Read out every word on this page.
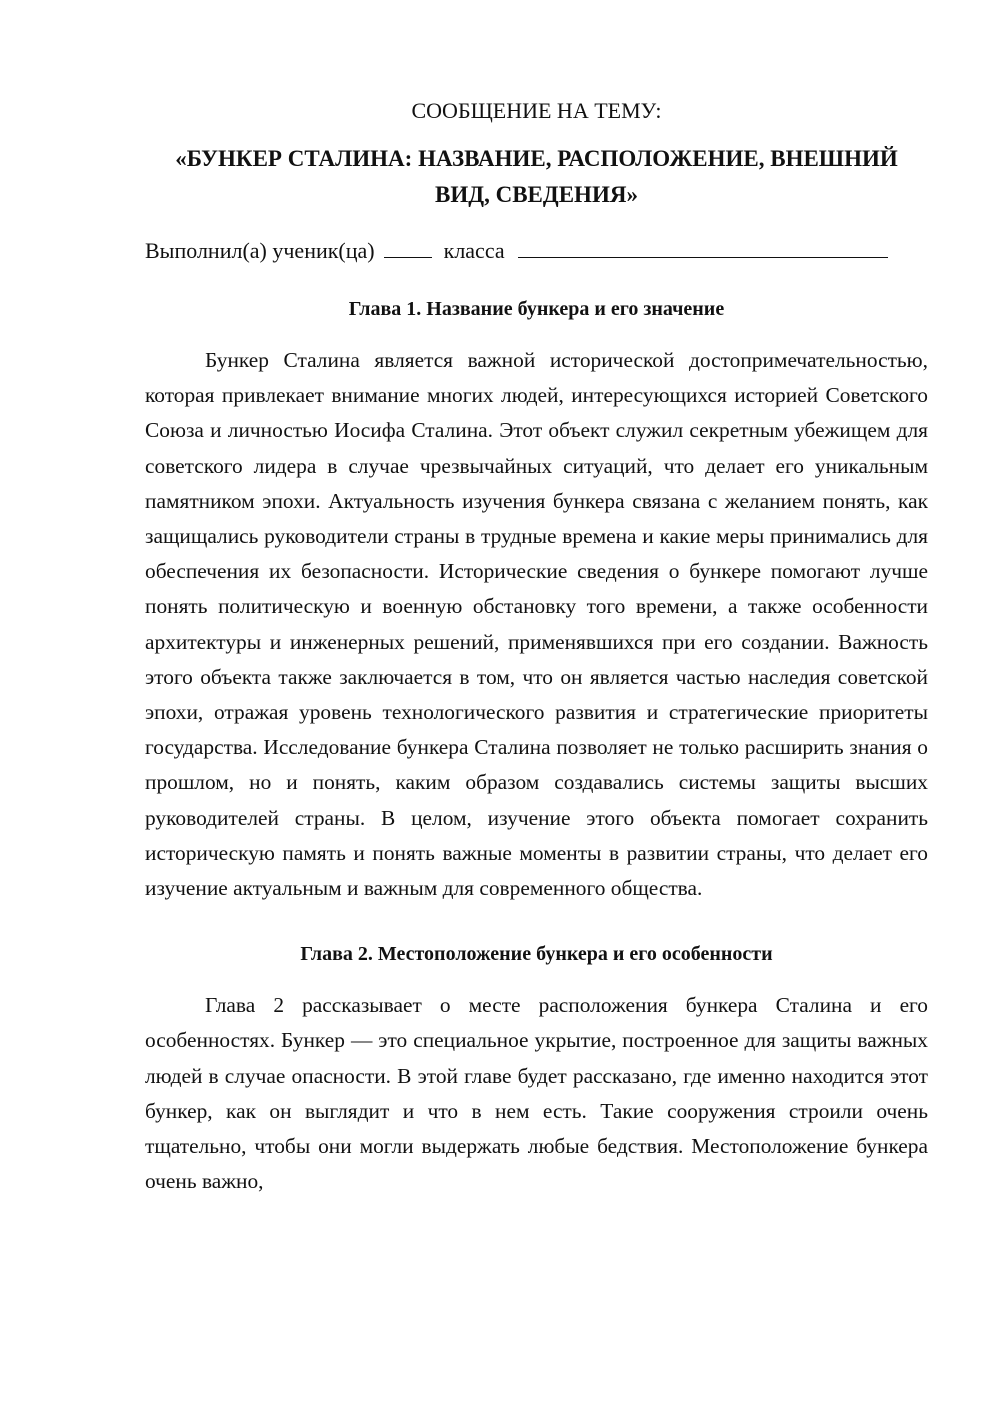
СООБЩЕНИЕ НА ТЕМУ:
«БУНКЕР СТАЛИНА: НАЗВАНИЕ, РАСПОЛОЖЕНИЕ, ВНЕШНИЙ ВИД, СВЕДЕНИЯ»
Выполнил(а) ученик(ца)	класса
Глава 1. Название бункера и его значение

Бункер Сталина является важной исторической достопримечательностью, которая привлекает внимание многих людей, интересующихся историей Советского Союза и личностью Иосифа Сталина. Этот объект служил секретным убежищем для советского лидера в случае чрезвычайных ситуаций, что делает его уникальным памятником эпохи. Актуальность изучения бункера связана с желанием понять, как защищались руководители страны в трудные времена и какие меры принимались для обеспечения их безопасности. Исторические сведения о бункере помогают лучше понять политическую и военную обстановку того времени, а также особенности архитектуры и инженерных решений, применявшихся при его создании. Важность этого объекта также заключается в том, что он является частью наследия советской эпохи, отражая уровень технологического развития и стратегические приоритеты государства. Исследование бункера Сталина позволяет не только расширить знания о прошлом, но и понять, каким образом создавались системы защиты высших руководителей страны. В целом, изучение этого объекта помогает сохранить историческую память и понять важные моменты в развитии страны, что делает его изучение актуальным и важным для современного общества.

Глава 2. Местоположение бункера и его особенности

Глава 2 рассказывает о месте расположения бункера Сталина и его особенностях. Бункер — это специальное укрытие, построенное для защиты важных людей в случае опасности. В этой главе будет рассказано, где именно находится этот бункер, как он выглядит и что в нем есть. Такие сооружения строили очень тщательно, чтобы они могли выдержать любые бедствия. Местоположение бункера очень важно,
